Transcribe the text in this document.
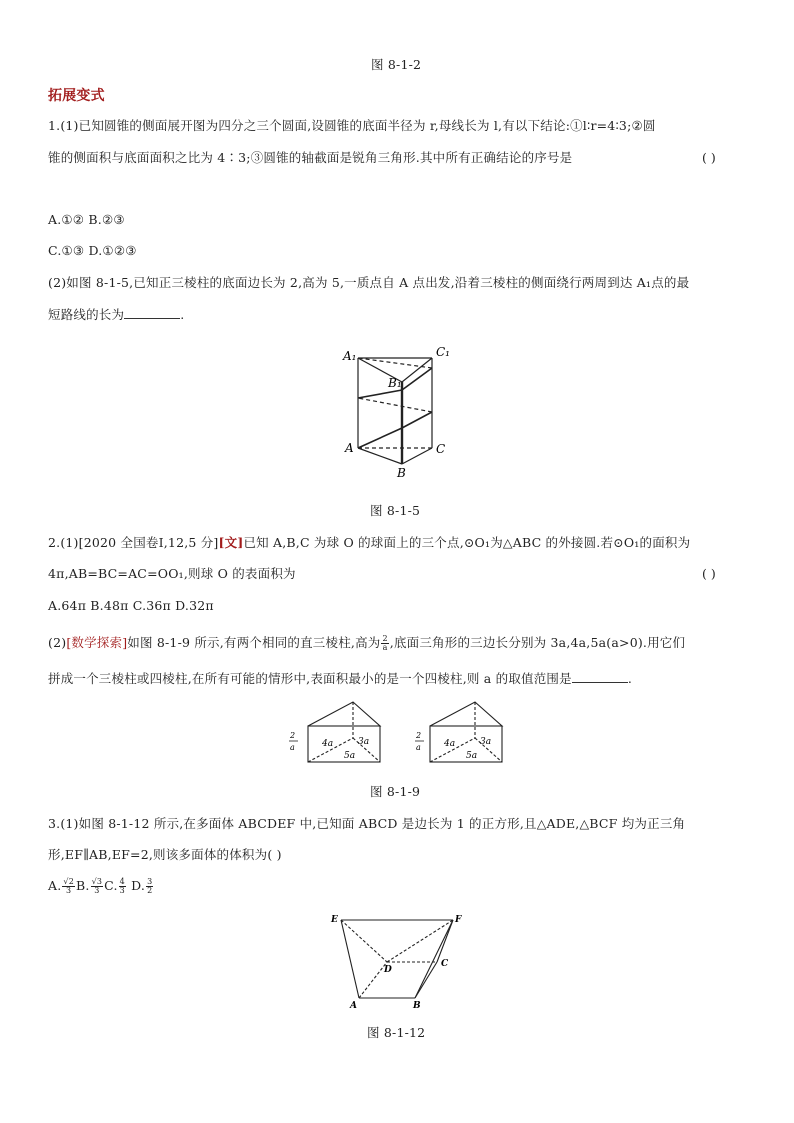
图 8-1-2
拓展变式
1.(1)已知圆锥的侧面展开图为四分之三个圆面,设圆锥的底面半径为 r,母线长为 l,有以下结论:①l∶r=4∶3;②圆
锥的侧面积与底面面积之比为 4∶3;③圆锥的轴截面是锐角三角形.其中所有正确结论的序号是	( )
A.①② B.②③
C.①③ D.①②③
(2)如图 8-1-5,已知正三棱柱的底面边长为 2,高为 5,一质点自 A 点出发,沿着三棱柱的侧面绕行两周到达 A₁点的最
短路线的长为	.
A₁	C₁
B₁
A	C
B
图 8-1-5
2.(1)[2020 全国卷Ⅰ,12,5 分][文]已知 A,B,C 为球 O 的球面上的三个点,⊙O₁为△ABC 的外接圆.若⊙O₁的面积为
4π,AB=BC=AC=OO₁,则球 O 的表面积为	( )
A.64π B.48π C.36π D.32π
(2)[数学探索]如图 8-1-9 所示,有两个相同的直三棱柱,高为 $\frac{2}{a}$ ,底面三角形的三边长分别为 3a,4a,5a(a>0).用它们
拼成一个三棱柱或四棱柱,在所有可能的情形中,表面积最小的是一个四棱柱,则 a 的取值范围是	.
2
a	4a	3a
5a
2
a	4a	3a
5a
图 8-1-9
3.(1)如图 8-1-12 所示,在多面体 ABCDEF 中,已知面 ABCD 是边长为 1 的正方形,且△ADE,△BCF 均为正三角
形,EF∥AB,EF=2,则该多面体的体积为( )
A. $\frac{√2}{3} B$. $\frac{√3}{3} C$. $\frac{4}{3} D$. $\frac{3}{2}$
E	F
D
C
A	B
图 8-1-12
